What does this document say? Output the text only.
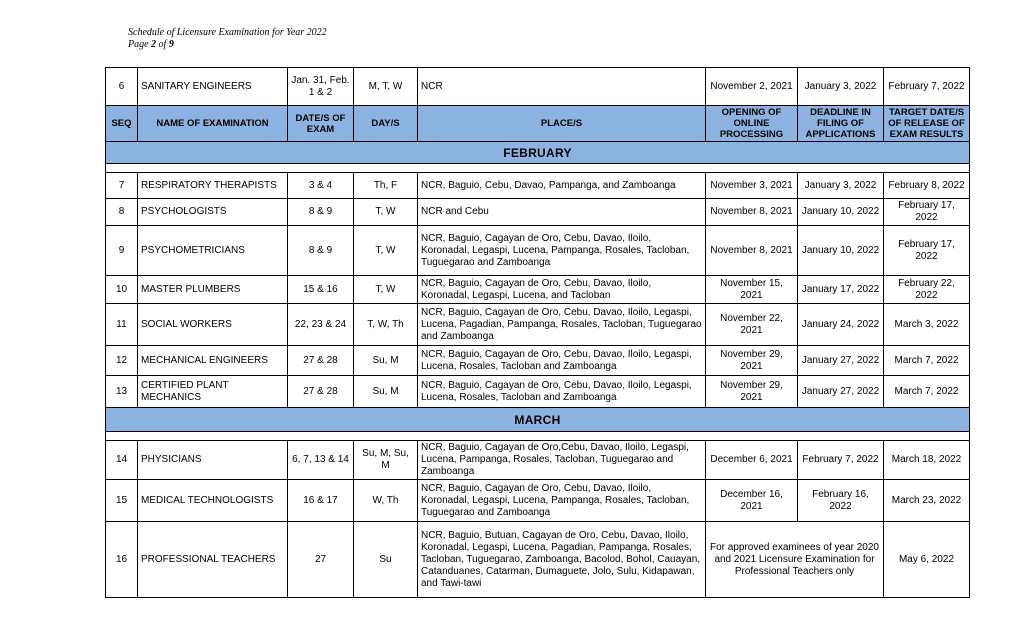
Schedule of Licensure Examination for Year 2022
Page 2 of 9
6	SANITARY ENGINEERS	Jan. 31, Feb. 1 & 2	M, T, W	NCR	November 2, 2021	January 3, 2022	February 7, 2022
SEQ	NAME OF EXAMINATION	DATE/S OF EXAM	DAY/S	PLACE/S	OPENING OF ONLINE PROCESSING	DEADLINE IN FILING OF APPLICATIONS	TARGET DATE/S OF RELEASE OF EXAM RESULTS
FEBRUARY							

7	RESPIRATORY THERAPISTS	3 & 4	Th, F	NCR, Baguio, Cebu, Davao, Pampanga, and Zamboanga	November 3, 2021	January 3, 2022	February 8, 2022
8	PSYCHOLOGISTS	8 & 9	T, W	NCR and Cebu	November 8, 2021	January 10, 2022	February 17, 2022
9	PSYCHOMETRICIANS	8 & 9	T, W	NCR, Baguio, Cagayan de Oro, Cebu, Davao, Iloilo, Koronadal, Legaspi, Lucena, Pampanga, Rosales, Tacloban, Tuguegarao and Zamboanga	November 8, 2021	January 10, 2022	February 17, 2022
10	MASTER PLUMBERS	15 & 16	T, W	NCR, Baguio, Cagayan de Oro, Cebu, Davao, Iloilo, Koronadal, Legaspi, Lucena, and Tacloban	November 15, 2021	January 17, 2022	February 22, 2022
11	SOCIAL WORKERS	22, 23 & 24	T, W, Th	NCR, Baguio, Cagayan de Oro, Cebu, Davao, Iloilo, Legaspi, Lucena, Pagadian, Pampanga, Rosales, Tacloban, Tuguegarao and Zamboanga	November 22, 2021	January 24, 2022	March 3, 2022
12	MECHANICAL ENGINEERS	27 & 28	Su, M	NCR, Baguio, Cagayan de Oro, Cebu, Davao, Iloilo, Legaspi, Lucena, Rosales, Tacloban and Zamboanga	November 29, 2021	January 27, 2022	March 7, 2022
13	CERTIFIED PLANT MECHANICS	27 & 28	Su, M	NCR, Baguio, Cagayan de Oro, Cebu, Davao, Iloilo, Legaspi, Lucena, Rosales, Tacloban and Zamboanga	November 29, 2021	January 27, 2022	March 7, 2022
MARCH							

14	PHYSICIANS	6, 7, 13 & 14	Su, M, Su, M	NCR, Baguio, Cagayan de Oro,Cebu, Davao, Iloilo, Legaspi, Lucena, Pampanga, Rosales, Tacloban, Tuguegarao and Zamboanga	December 6, 2021	February 7, 2022	March 18, 2022
15	MEDICAL TECHNOLOGISTS	16 & 17	W, Th	NCR, Baguio, Cagayan de Oro, Cebu, Davao, Iloilo, Koronadal, Legaspi, Lucena, Pampanga, Rosales, Tacloban, Tuguegarao and Zamboanga	December 16, 2021	February 16, 2022	March 23, 2022
16	PROFESSIONAL TEACHERS	27	Su	NCR, Baguio, Butuan, Cagayan de Oro, Cebu, Davao, Iloilo, Koronadal, Legaspi, Lucena, Pagadian, Pampanga, Rosales, Tacloban, Tuguegarao, Zamboanga, Bacolod, Bohol, Cauayan, Catanduanes, Catarman, Dumaguete, Jolo, Sulu, Kidapawan, and Tawi-tawi	For approved examinees of year 2020 and 2021 Licensure Examination for Professional Teachers only		May 6, 2022
